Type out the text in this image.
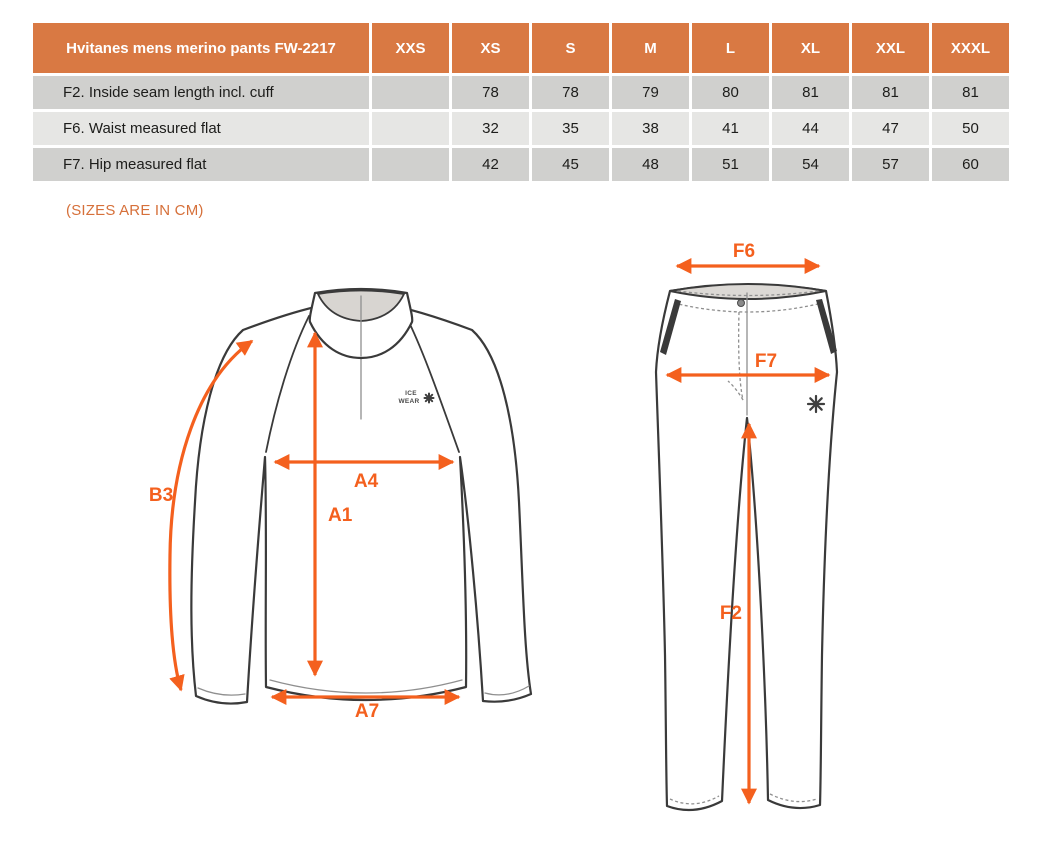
Hvitanes mens merino pants FW-2217	XXS	XS	S	M	L	XL	XXL	XXXL
F2. Inside seam length incl. cuff		78	78	79	80	81	81	81
F6. Waist measured flat		32	35	38	41	44	47	50
F7. Hip measured flat		42	45	48	51	54	57	60
(SIZES ARE IN CM)
ICE
WEAR
B3
A4
A1
A7
F6
F7
F2
